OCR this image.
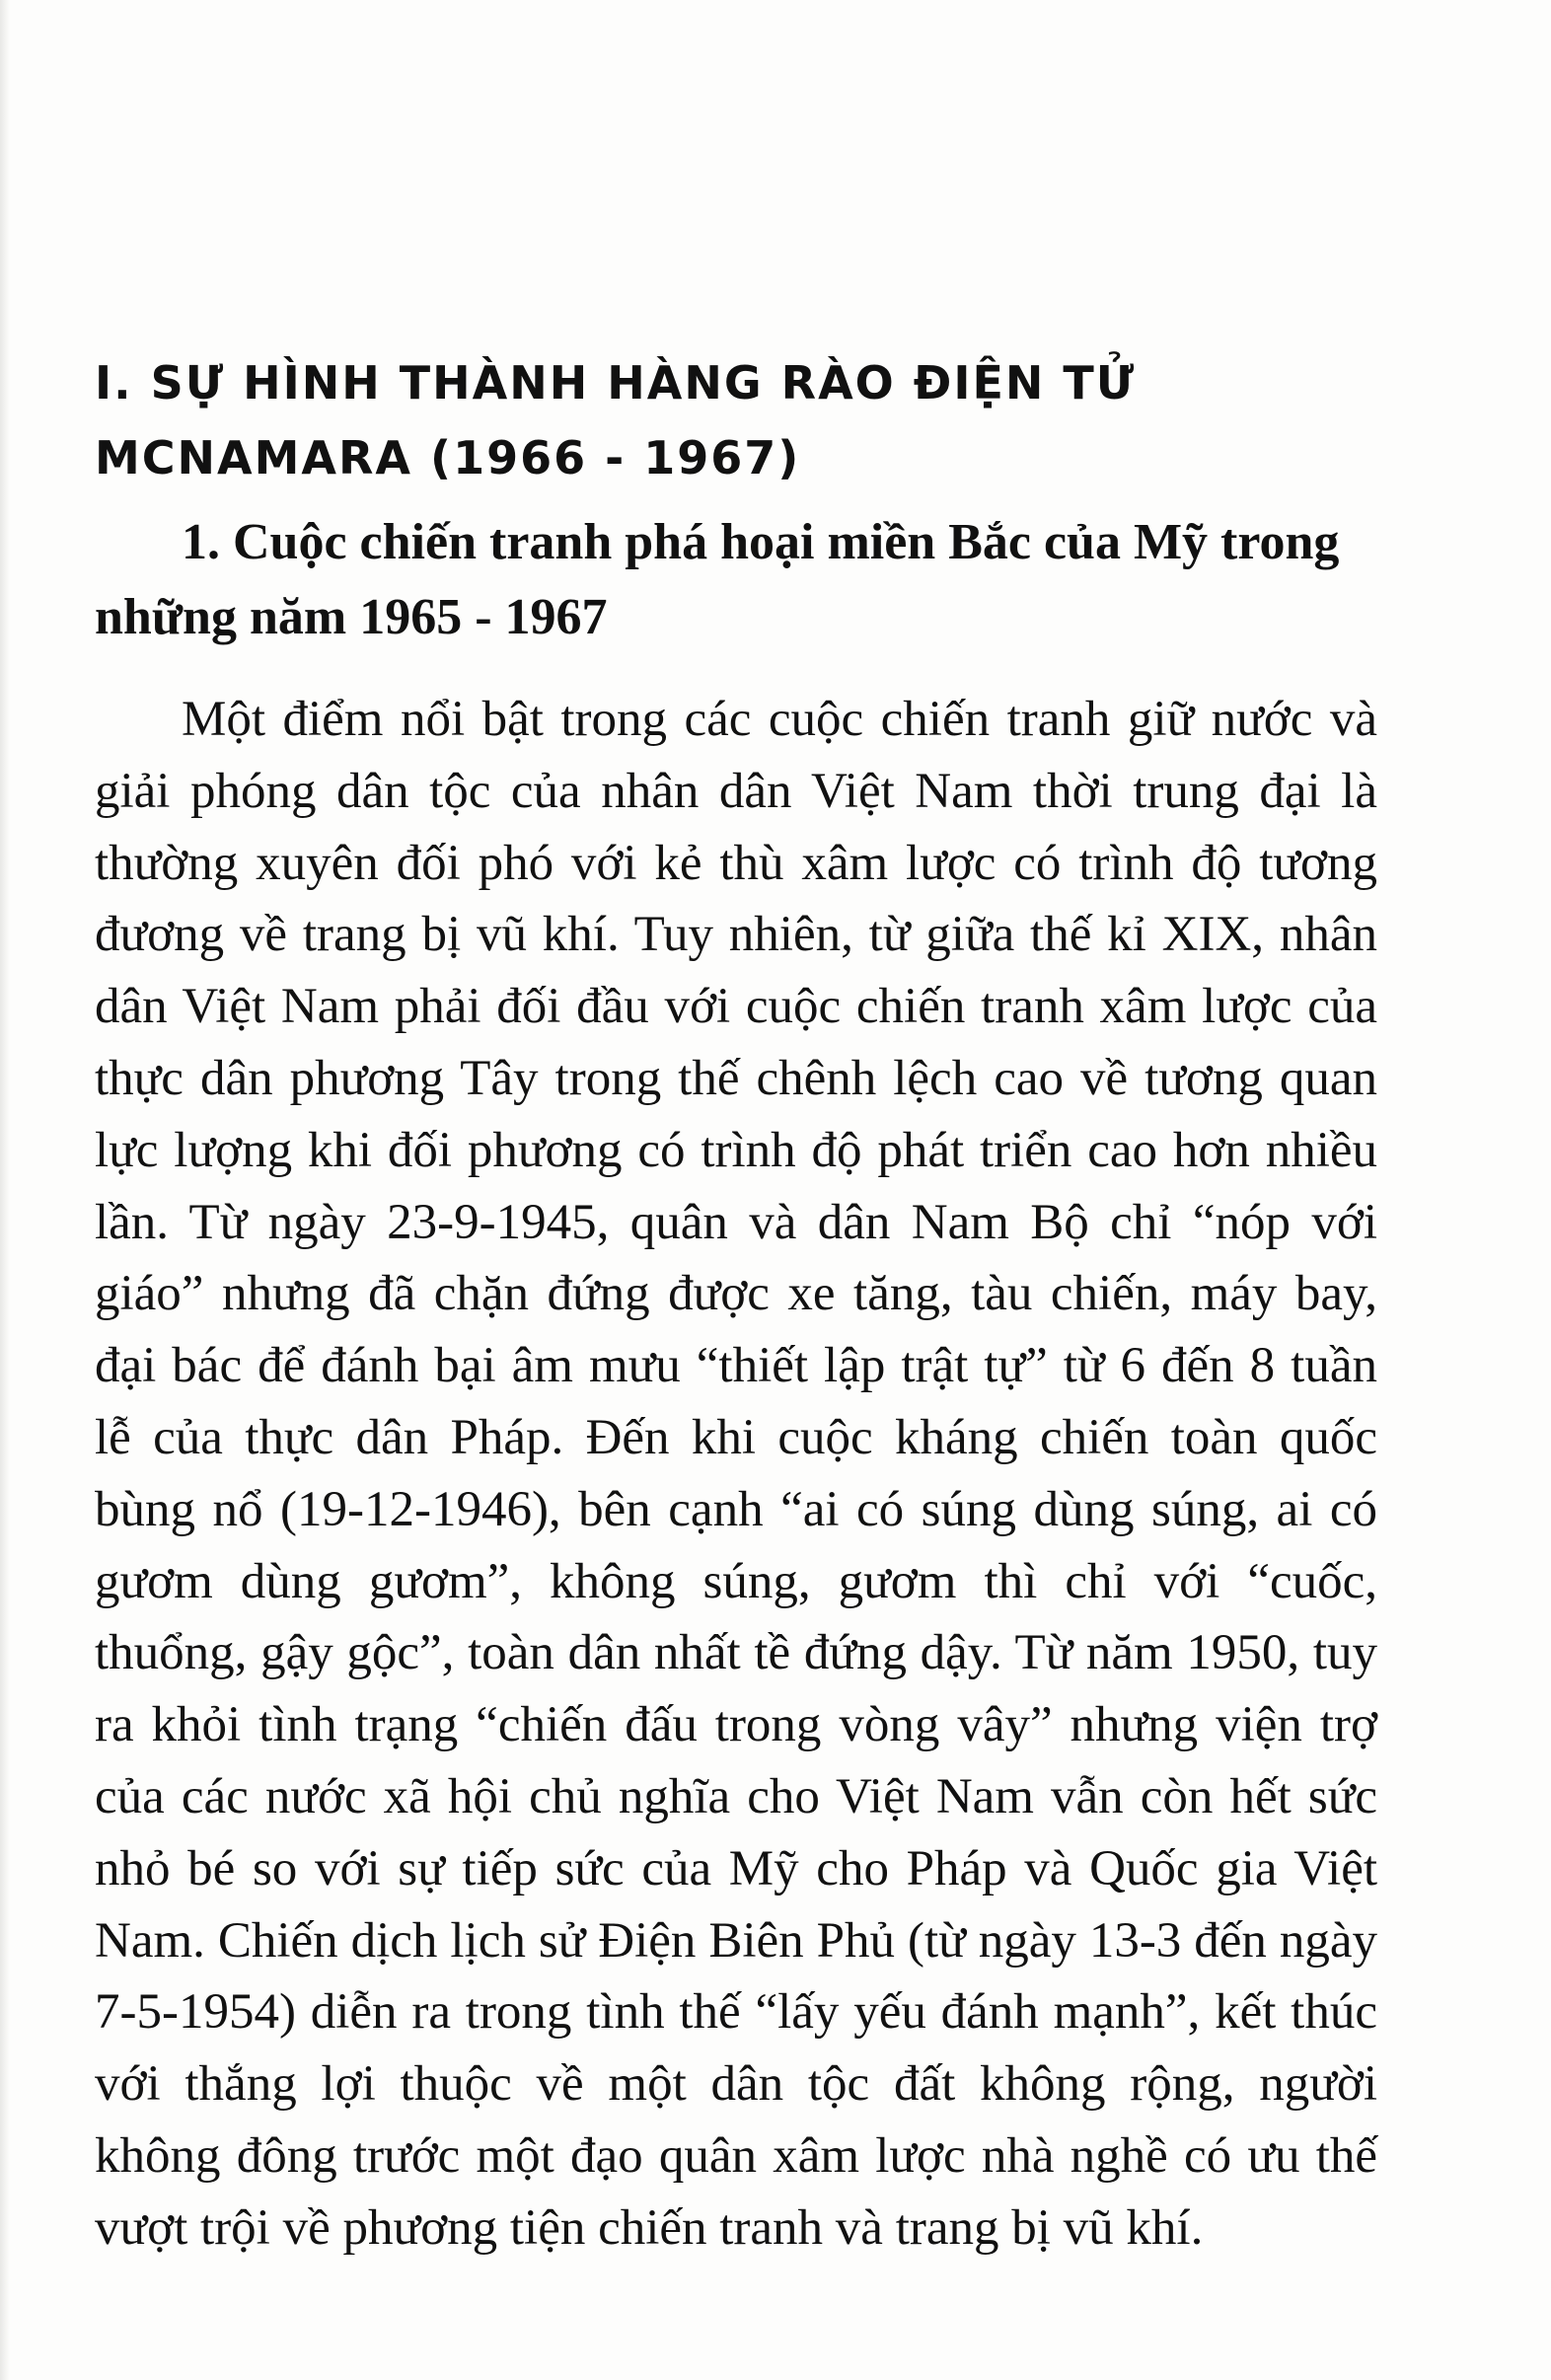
I. SỰ HÌNH THÀNH HÀNG RÀO ĐIỆN TỬ MCNAMARA (1966 - 1967)
1. Cuộc chiến tranh phá hoại miền Bắc của Mỹ trong những năm 1965 - 1967

Một điểm nổi bật trong các cuộc chiến tranh giữ nước và giải phóng dân tộc của nhân dân Việt Nam thời trung đại là thường xuyên đối phó với kẻ thù xâm lược có trình độ tương đương về trang bị vũ khí. Tuy nhiên, từ giữa thế kỉ XIX, nhân dân Việt Nam phải đối đầu với cuộc chiến tranh xâm lược của thực dân phương Tây trong thế chênh lệch cao về tương quan lực lượng khi đối phương có trình độ phát triển cao hơn nhiều lần. Từ ngày 23-9-1945, quân và dân Nam Bộ chỉ “nóp với giáo” nhưng đã chặn đứng được xe tăng, tàu chiến, máy bay, đại bác để đánh bại âm mưu “thiết lập trật tự” từ 6 đến 8 tuần lễ của thực dân Pháp. Đến khi cuộc kháng chiến toàn quốc bùng nổ (19-12-1946), bên cạnh “ai có súng dùng súng, ai có gươm dùng gươm”, không súng, gươm thì chỉ với “cuốc, thuổng, gậy gộc”, toàn dân nhất tề đứng dậy. Từ năm 1950, tuy ra khỏi tình trạng “chiến đấu trong vòng vây” nhưng viện trợ của các nước xã hội chủ nghĩa cho Việt Nam vẫn còn hết sức nhỏ bé so với sự tiếp sức của Mỹ cho Pháp và Quốc gia Việt Nam. Chiến dịch lịch sử Điện Biên Phủ (từ ngày 13-3 đến ngày 7-5-1954) diễn ra trong tình thế “lấy yếu đánh mạnh”, kết thúc với thắng lợi thuộc về một dân tộc đất không rộng, người không đông trước một đạo quân xâm lược nhà nghề có ưu thế vượt trội về phương tiện chiến tranh và trang bị vũ khí.
